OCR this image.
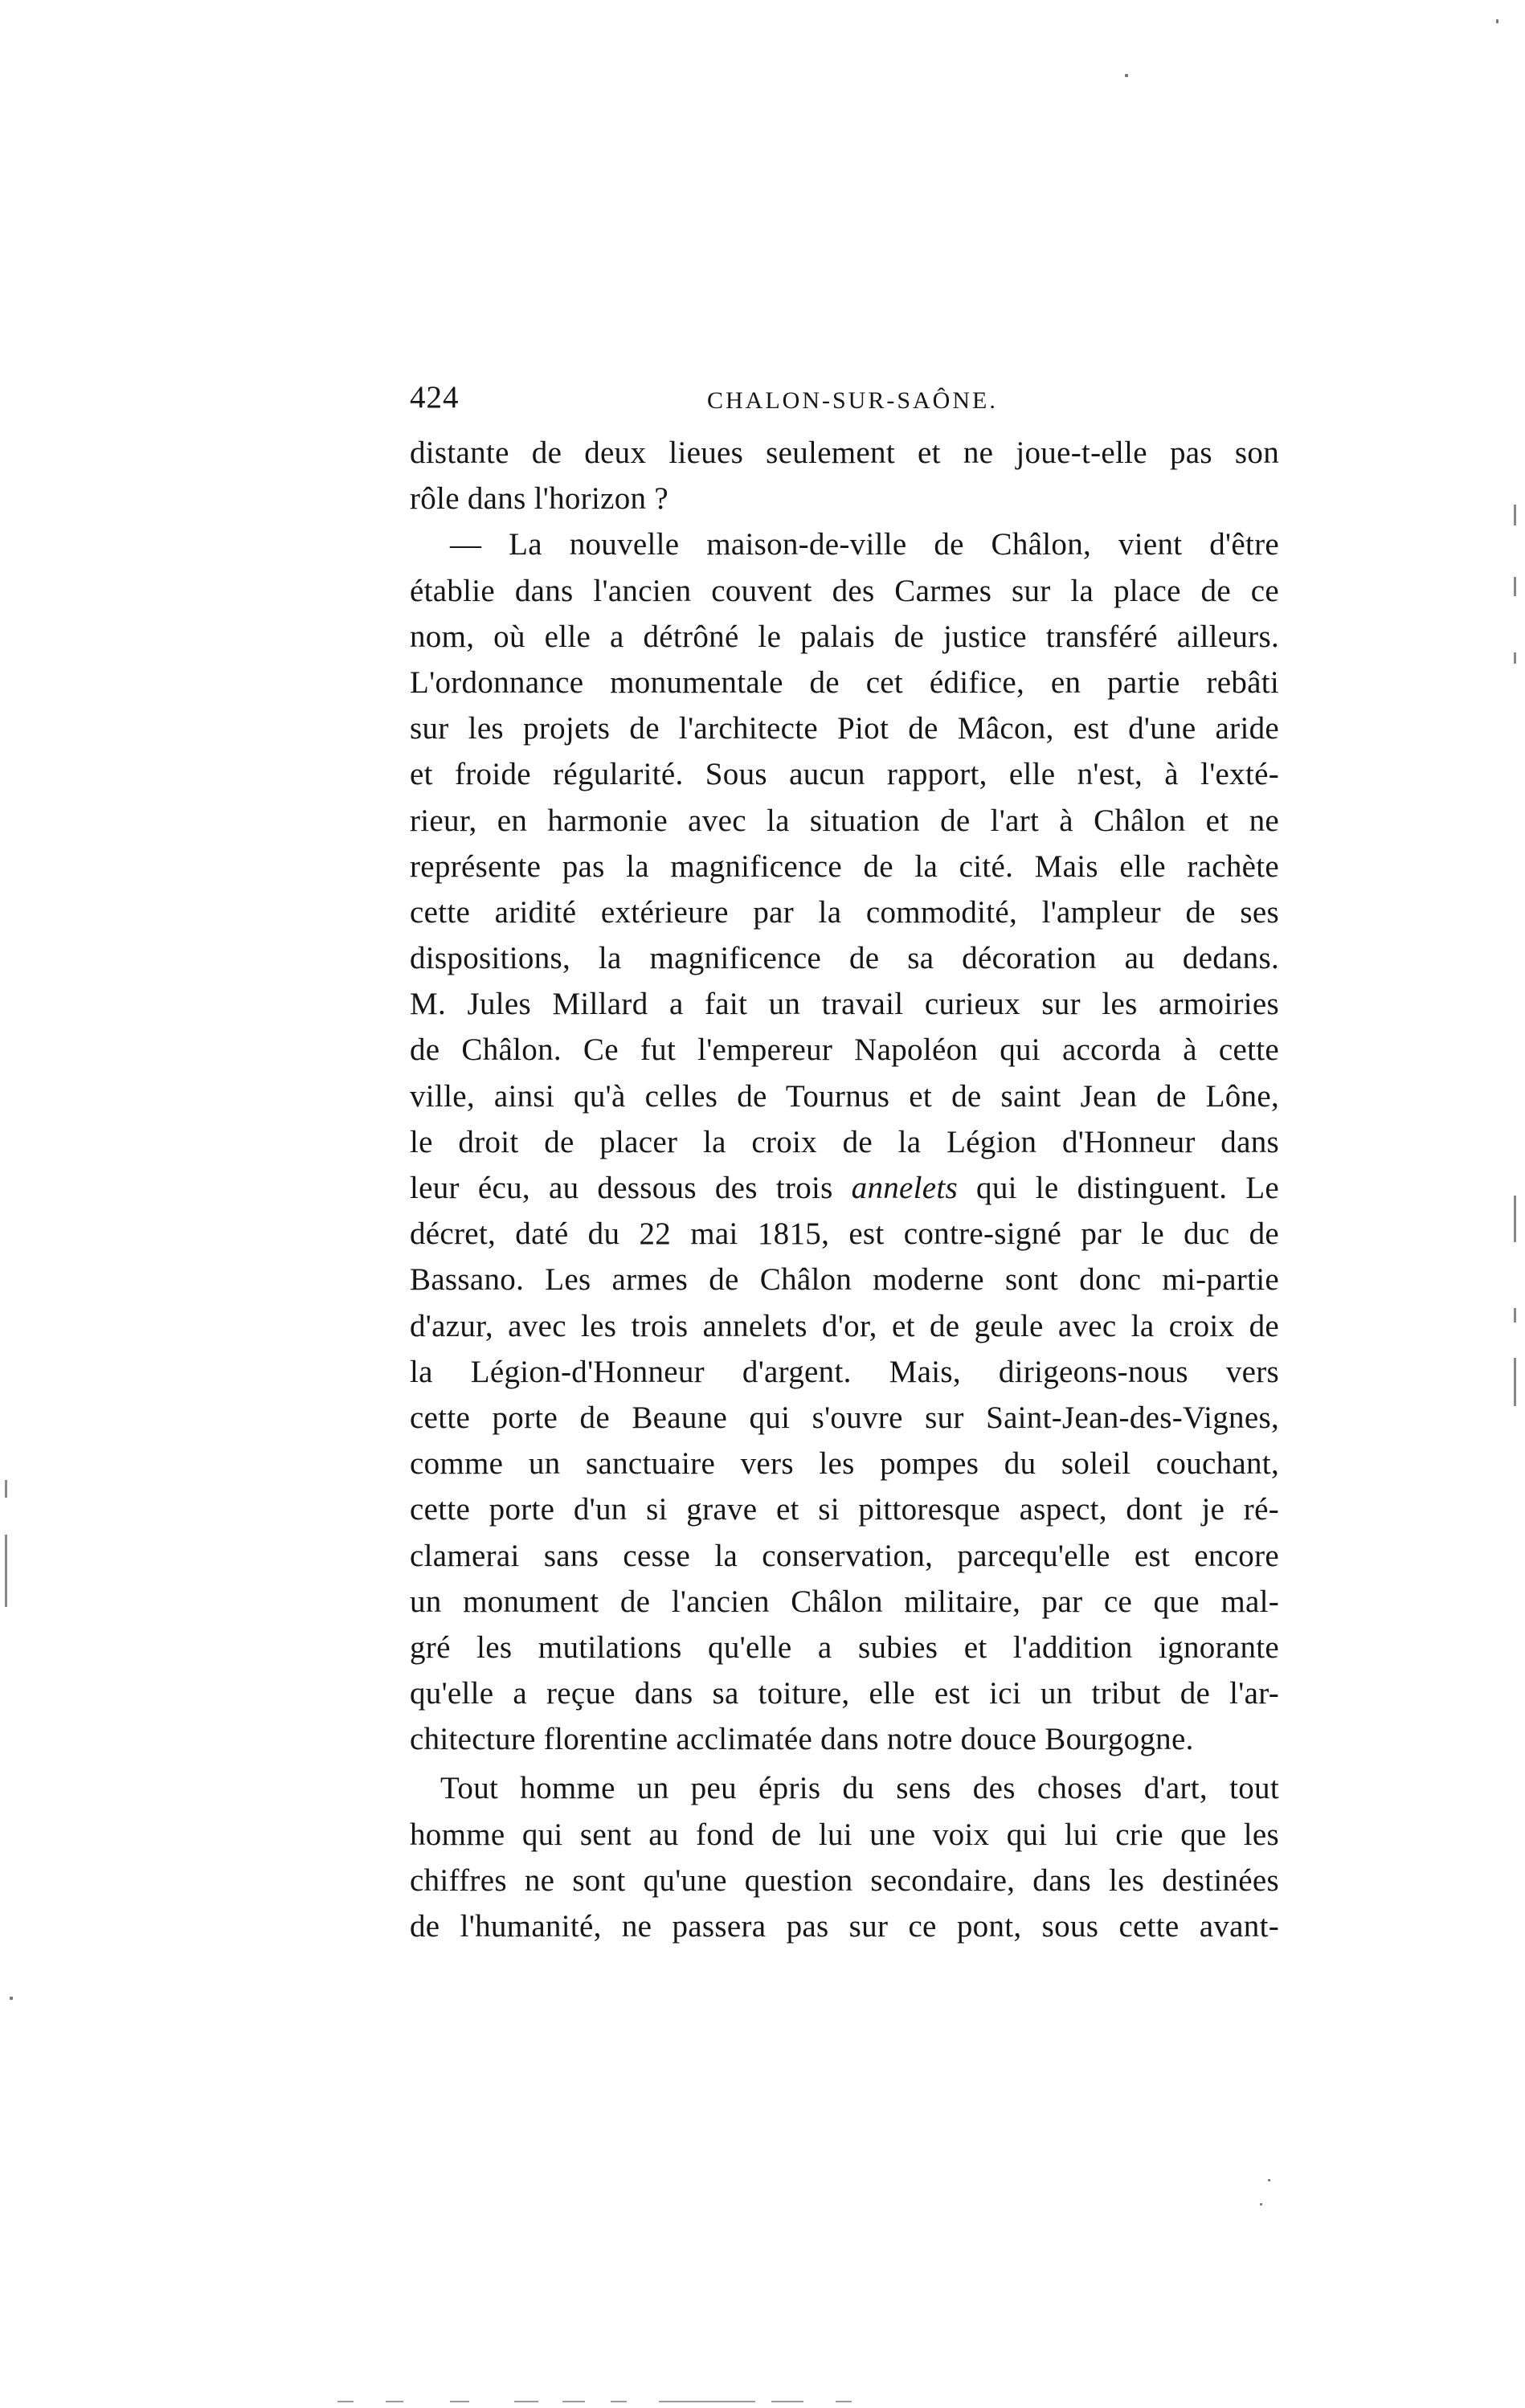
424	CHALON-SUR-SAÔNE.
distante de deux lieues seulement et ne joue-t-elle pas son
rôle dans l'horizon ?
— La nouvelle maison-de-ville de Châlon, vient d'être
établie dans l'ancien couvent des Carmes sur la place de ce
nom, où elle a détrôné le palais de justice transféré ailleurs.
L'ordonnance monumentale de cet édifice, en partie rebâti
sur les projets de l'architecte Piot de Mâcon, est d'une aride
et froide régularité. Sous aucun rapport, elle n'est, à l'exté-
rieur, en harmonie avec la situation de l'art à Châlon et ne
représente pas la magnificence de la cité. Mais elle rachète
cette aridité extérieure par la commodité, l'ampleur de ses
dispositions, la magnificence de sa décoration au dedans.
M. Jules Millard a fait un travail curieux sur les armoiries
de Châlon. Ce fut l'empereur Napoléon qui accorda à cette
ville, ainsi qu'à celles de Tournus et de saint Jean de Lône,
le droit de placer la croix de la Légion d'Honneur dans
leur écu, au dessous des trois annelets qui le distinguent. Le
décret, daté du 22 mai 1815, est contre-signé par le duc de
Bassano. Les armes de Châlon moderne sont donc mi-partie
d'azur, avec les trois annelets d'or, et de geule avec la croix de
la Légion-d'Honneur d'argent. Mais, dirigeons-nous vers
cette porte de Beaune qui s'ouvre sur Saint-Jean-des-Vignes,
comme un sanctuaire vers les pompes du soleil couchant,
cette porte d'un si grave et si pittoresque aspect, dont je ré-
clamerai sans cesse la conservation, parcequ'elle est encore
un monument de l'ancien Châlon militaire, par ce que mal-
gré les mutilations qu'elle a subies et l'addition ignorante
qu'elle a reçue dans sa toiture, elle est ici un tribut de l'ar-
chitecture florentine acclimatée dans notre douce Bourgogne.
Tout homme un peu épris du sens des choses d'art, tout
homme qui sent au fond de lui une voix qui lui crie que les
chiffres ne sont qu'une question secondaire, dans les destinées
de l'humanité, ne passera pas sur ce pont, sous cette avant-
